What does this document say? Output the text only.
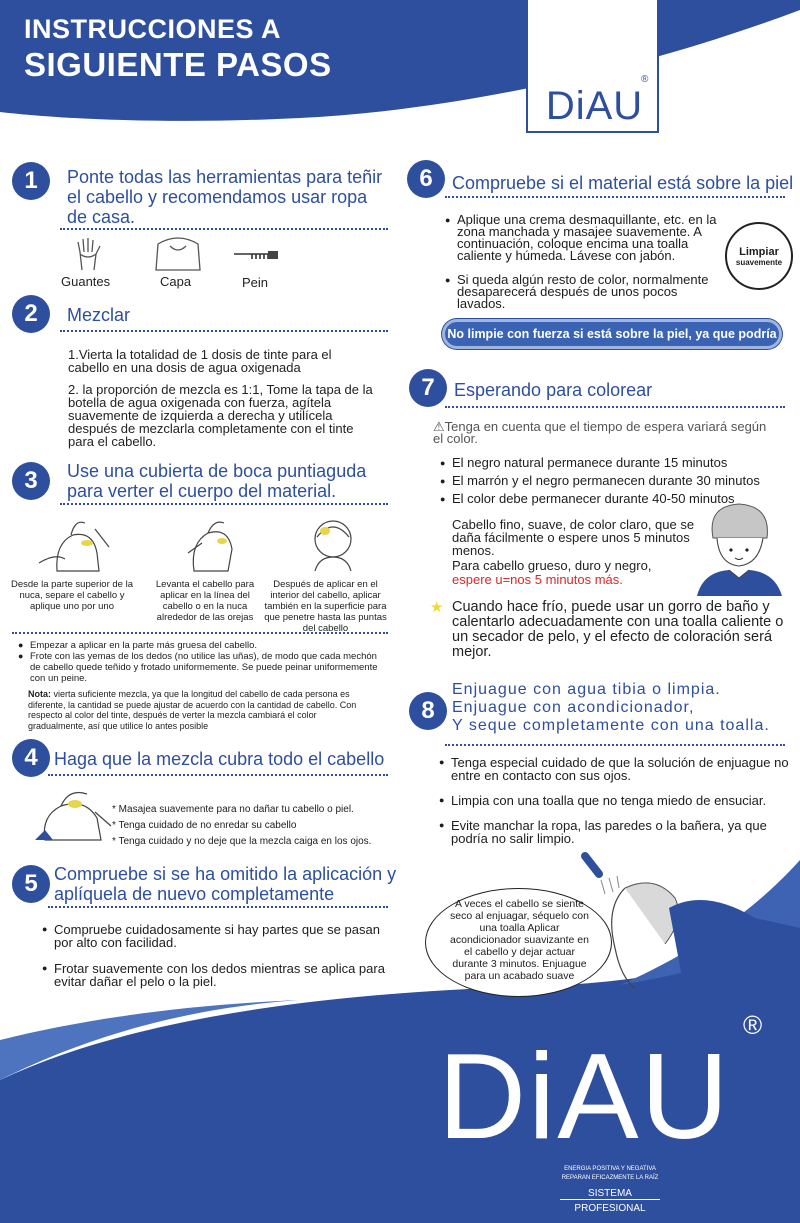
INSTRUCCIONES A
SIGUIENTE PASOS
DiAU
®
1	Ponte todas las herramientas para teñir el cabello y recomendamos usar ropa de casa.
Guantes	Capa	Pein
2	Mezclar
1.Vierta la totalidad de 1 dosis de tinte para el cabello en una dosis de agua oxigenada
2. la proporción de mezcla es 1:1, Tome la tapa de la botella de agua oxigenada con fuerza, agítela suavemente de izquierda a derecha y utilícela después de mezclarla completamente con el tinte para el cabello.
3	Use una cubierta de boca puntiaguda para verter el cuerpo del material.
Desde la parte superior de la nuca, separe el cabello y aplique uno por uno
Levanta el cabello para aplicar en la línea del cabello o en la nuca alrededor de las orejas
Después de aplicar en el interior del cabello, aplicar también en la superficie para que penetre hasta las puntas del cabello
● Empezar a aplicar en la parte más gruesa del cabello.
● Frote con las yemas de los dedos (no utilice las uñas), de modo que cada mechón de cabello quede teñido y frotado uniformemente. Se puede peinar uniformemente con un peine.
Nota: vierta suficiente mezcla, ya que la longitud del cabello de cada persona es diferente, la cantidad se puede ajustar de acuerdo con la cantidad de cabello. Con respecto al color del tinte, después de verter la mezcla cambiará el color gradualmente, así que utilice lo antes posible
4 Haga que la mezcla cubra todo el cabello
* Masajea suavemente para no dañar tu cabello o piel.
* Tenga cuidado de no enredar su cabello
* Tenga cuidado y no deje que la mezcla caiga en los ojos.
5 Compruebe si se ha omitido la aplicación y aplíquela de nuevo completamente
● Compruebe cuidadosamente si hay partes que se pasan por alto con facilidad.
● Frotar suavemente con los dedos mientras se aplica para evitar dañar el pelo o la piel.
6	Compruebe si el material está sobre la piel
● Aplique una crema desmaquillante, etc. en la zona manchada y masajee suavemente. A continuación, coloque encima una toalla caliente y húmeda. Lávese con jabón.
● Si queda algún resto de color, normalmente desaparecerá después de unos pocos lavados.
Limpiar
suavemente
No limpie con fuerza si está sobre la piel, ya que podría
7	Esperando para colorear
⚠Tenga en cuenta que el tiempo de espera variará según el color.
● El negro natural permanece durante 15 minutos
● El marrón y el negro permanecen durante 30 minutos
● El color debe permanecer durante 40-50 minutos
Cabello fino, suave, de color claro, que se daña fácilmente o espere unos 5 minutos menos.
Para cabello grueso, duro y negro,
espere u=nos 5 minutos más.
★ Cuando hace frío, puede usar un gorro de baño y calentarlo adecuadamente con una toalla caliente o un secador de pelo, y el efecto de coloración será mejor.
8
Enjuague con agua tibia o limpia.
Enjuague con acondicionador,
Y seque completamente con una toalla.
● Tenga especial cuidado de que la solución de enjuague no entre en contacto con sus ojos.
● Limpia con una toalla que no tenga miedo de ensuciar.
● Evite manchar la ropa, las paredes o la bañera, ya que podría no salir limpio.
A veces el cabello se siente seco al enjuagar, séquelo con una toalla Aplicar acondicionador suavizante en el cabello y dejar actuar durante 3 minutos. Enjuague para un acabado suave
DiAU
®
ENERGIA POSITIVA Y NEGATIVA
REPARAN EFICAZMENTE LA RAÍZ
SISTEMA
PROFESIONAL
